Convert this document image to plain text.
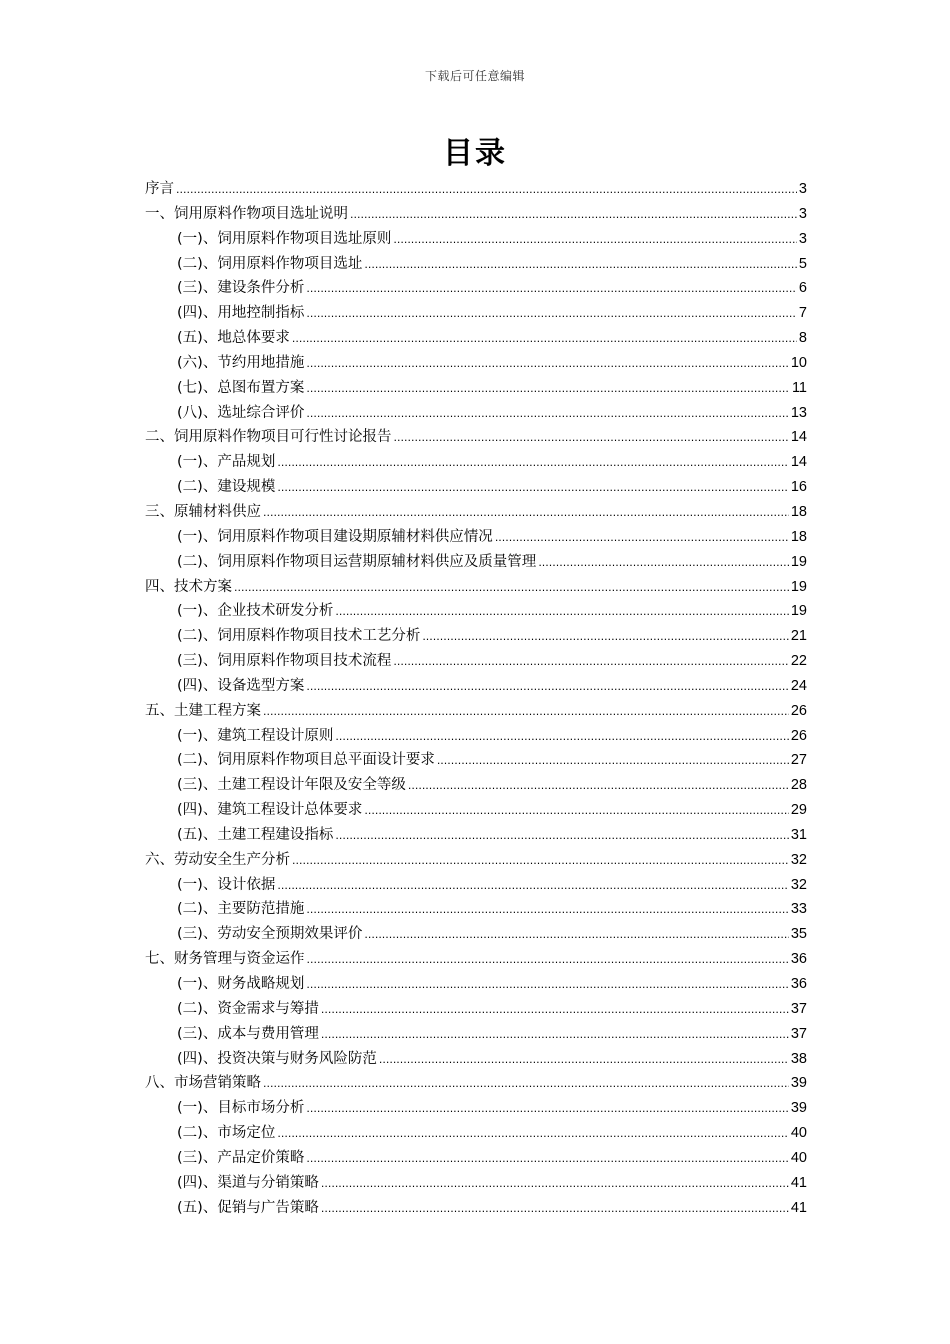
下载后可任意编辑
目录
序言 .....	3
一、饲用原料作物项目选址说明 .....	3
(一)、饲用原料作物项目选址原则 .....	3
(二)、饲用原料作物项目选址 .....	5
(三)、建设条件分析 .....	6
(四)、用地控制指标 .....	7
(五)、地总体要求 .....	8
(六)、节约用地措施 .....	10
(七)、总图布置方案 .....	11
(八)、选址综合评价 .....	13
二、饲用原料作物项目可行性讨论报告 .....	14
(一)、产品规划 .....	14
(二)、建设规模 .....	16
三、原辅材料供应 .....	18
(一)、饲用原料作物项目建设期原辅材料供应情况 .....	18
(二)、饲用原料作物项目运营期原辅材料供应及质量管理 .....	19
四、技术方案 .....	19
(一)、企业技术研发分析 .....	19
(二)、饲用原料作物项目技术工艺分析 .....	21
(三)、饲用原料作物项目技术流程 .....	22
(四)、设备选型方案 .....	24
五、土建工程方案 .....	26
(一)、建筑工程设计原则 .....	26
(二)、饲用原料作物项目总平面设计要求 .....	27
(三)、土建工程设计年限及安全等级 .....	28
(四)、建筑工程设计总体要求 .....	29
(五)、土建工程建设指标 .....	31
六、劳动安全生产分析 .....	32
(一)、设计依据 .....	32
(二)、主要防范措施 .....	33
(三)、劳动安全预期效果评价 .....	35
七、财务管理与资金运作 .....	36
(一)、财务战略规划 .....	36
(二)、资金需求与筹措 .....	37
(三)、成本与费用管理 .....	37
(四)、投资决策与财务风险防范 .....	38
八、市场营销策略 .....	39
(一)、目标市场分析 .....	39
(二)、市场定位 .....	40
(三)、产品定价策略 .....	40
(四)、渠道与分销策略 .....	41
(五)、促销与广告策略 .....	41
